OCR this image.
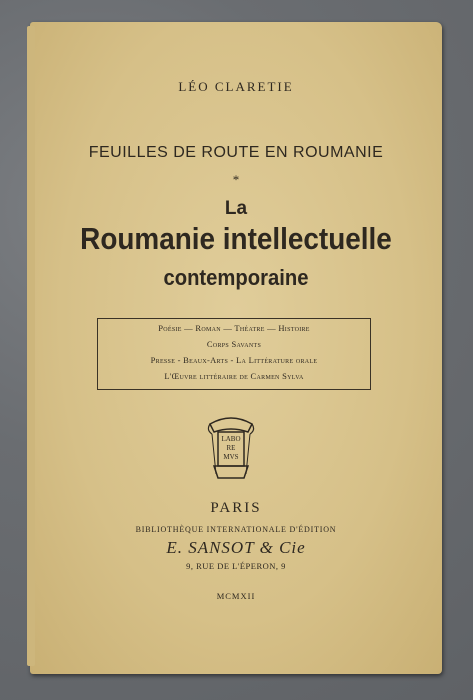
LÉO CLARETIE
FEUILLES DE ROUTE EN ROUMANIE
*
La
Roumanie intellectuelle
contemporaine
Poésie — Roman — Théatre — Histoire
Corps Savants
Presse - Beaux-Arts - La Littérature orale
L'Œuvre littéraire de Carmen Sylva
LABO
RE
MVS
PARIS
BIBLIOTHÈQUE INTERNATIONALE D'ÉDITION
E. SANSOT & Cie
9, RUE DE L'ÉPERON, 9
MCMXII
